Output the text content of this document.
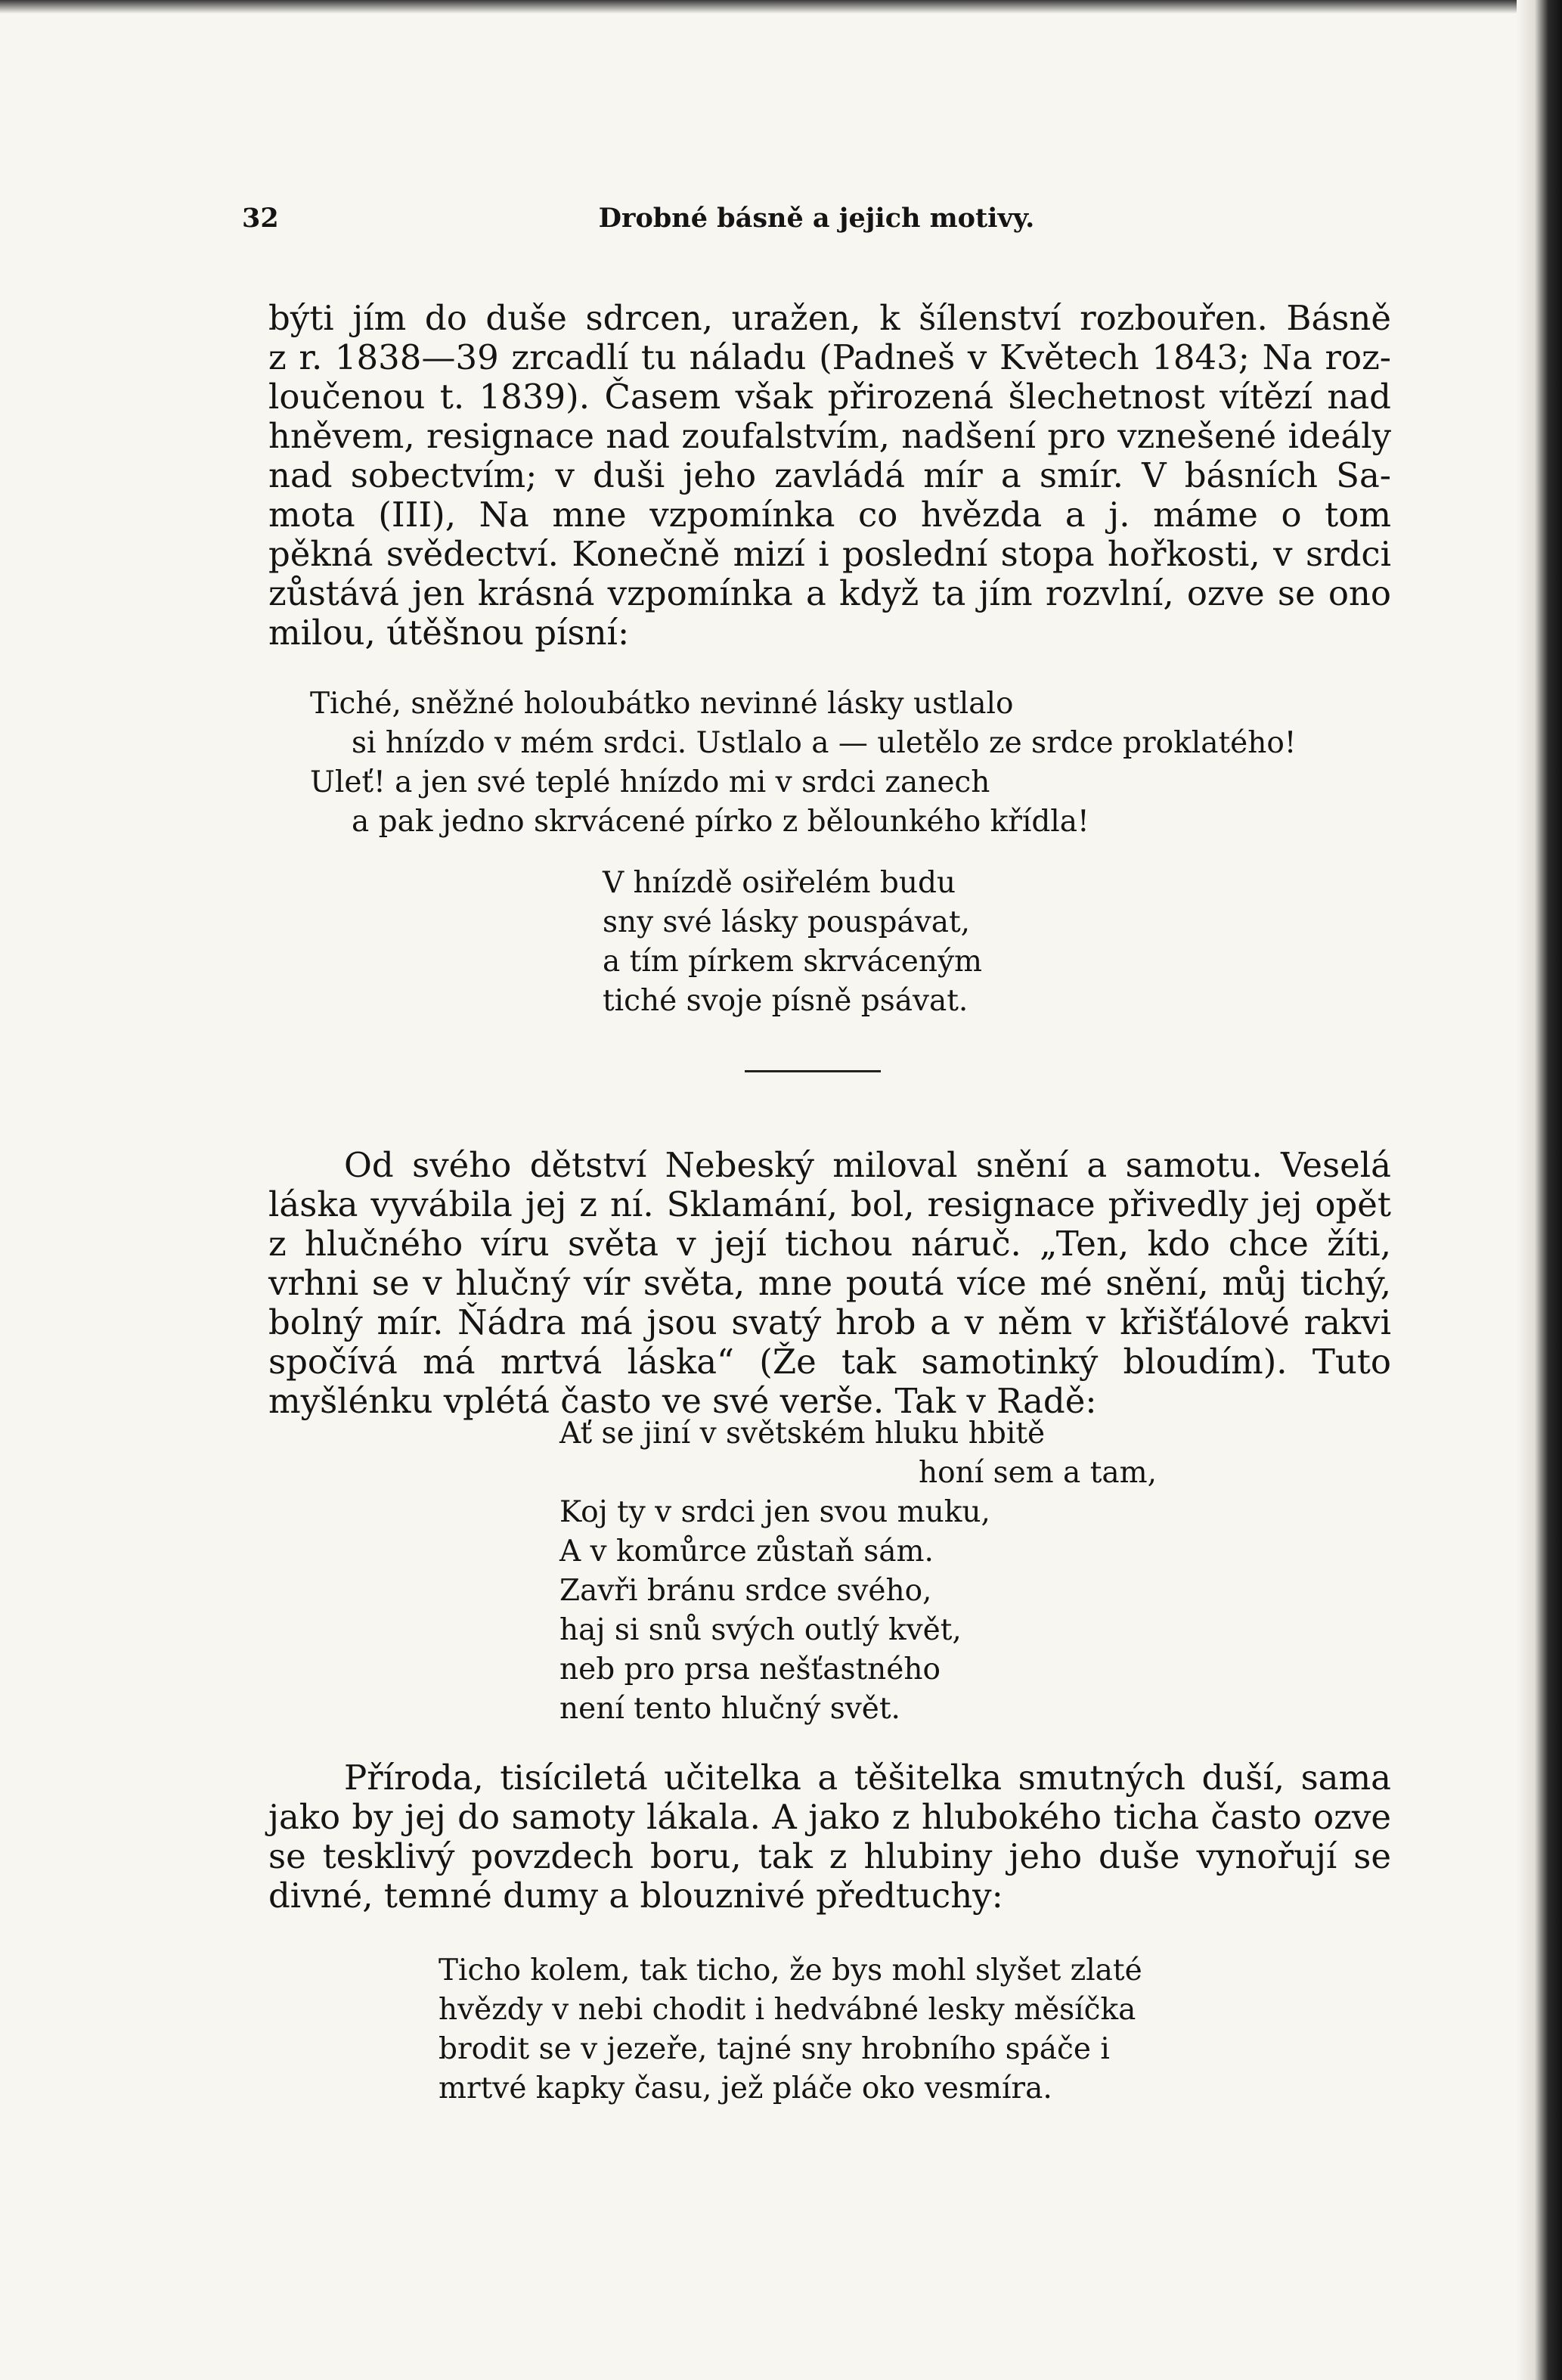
32	Drobné básně a jejich motivy.
býti jím do duše sdrcen, uražen, k šílenství rozbouřen. Básně
z r. 1838—39 zrcadlí tu náladu (Padneš v Květech 1843; Na roz-
loučenou t. 1839). Časem však přirozená šlechetnost vítězí nad
hněvem, resignace nad zoufalstvím, nadšení pro vznešené ideály
nad sobectvím; v duši jeho zavládá mír a smír. V básních Sa-
mota (III), Na mne vzpomínka co hvězda a j. máme o tom
pěkná svědectví. Konečně mizí i poslední stopa hořkosti, v srdci
zůstává jen krásná vzpomínka a když ta jím rozvlní, ozve se ono
milou, útěšnou písní:
Tiché, sněžné holoubátko nevinné lásky ustlalo
si hnízdo v mém srdci. Ustlalo a — uletělo ze srdce proklatého!
Uleť! a jen své teplé hnízdo mi v srdci zanech
a pak jedno skrvácené pírko z bělounkého křídla!
V hnízdě osiřelém budu
sny své lásky pouspávat,
a tím pírkem skrváceným
tiché svoje písně psávat.
Od svého dětství Nebeský miloval snění a samotu. Veselá
láska vyvábila jej z ní. Sklamání, bol, resignace přivedly jej opět
z hlučného víru světa v její tichou náruč. „Ten, kdo chce žíti,
vrhni se v hlučný vír světa, mne poutá více mé snění, můj tichý,
bolný mír. Ňádra má jsou svatý hrob a v něm v křišťálové rakvi
spočívá má mrtvá láska“ (Že tak samotinký bloudím). Tuto
myšlénku vplétá často ve své verše. Tak v Radě:
Ať se jiní v světském hluku hbitě
honí sem a tam,
Koj ty v srdci jen svou muku,
A v komůrce zůstaň sám.
Zavři bránu srdce svého,
haj si snů svých outlý květ,
neb pro prsa nešťastného
není tento hlučný svět.
Příroda, tisíciletá učitelka a těšitelka smutných duší, sama
jako by jej do samoty lákala. A jako z hlubokého ticha často ozve
se tesklivý povzdech boru, tak z hlubiny jeho duše vynořují se
divné, temné dumy a blouznivé předtuchy:
Ticho kolem, tak ticho, že bys mohl slyšet zlaté
hvězdy v nebi chodit i hedvábné lesky měsíčka
brodit se v jezeře, tajné sny hrobního spáče i
mrtvé kapky času, jež pláče oko vesmíra.
